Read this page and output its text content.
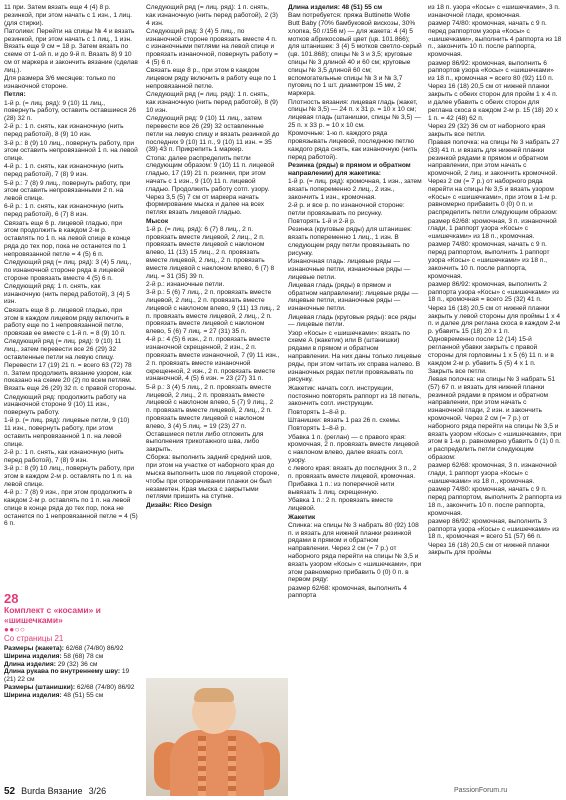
11 при. Затем вязать еще 4 (4) 8 р. резинкой, при этом начать с 1 изн., 1 лиц. (для стирки).

Патолики: Перейти на спицы № 4 и вязать резинкой, при этом начать с 1 лиц., 1 изн. Вязать еще 9 см = 18 р. Затем вязать по схеме от 1-ой п. и до 9-й п. Вязать 8) 9 10 см от маркера и закончить вязание (сделав лиц.).

Для размера 3/6 месяцев: только по изнаночной стороне.

Петля:

1-й р. (= лиц. ряд): 9 (10) 11 лиц., повернуть работу, оставить оставшиеся 26 (28) 32 п.

2-й р.: 1 п. снять, как изнаночную (нить перед работой), 8 (9) 10 изн.

3-й р.: 8 (9) 10 лиц., повернуть работу, при этом оставить непровязанной 1 п. на левой спице.

4-й р.: 1 п. снять, как изнаночную (нить перед работой), 7 (8) 9 изн.

5-й р.: 7 (8) 9 лиц., повернуть работу, при этом оставить непровязанными 2 п. на левой спице.

6-й р.: 1 п. снять, как изнаночную (нить перед работой), 6 (7) 8 изн.

Связать еще 6 р. лицевой гладью, при этом продолжить в каждом 2-м р. оставлять по 1 п. на левой спице в конце ряда до тех пор, пока не останется по 1 непровязанной петле = 4 (5) 6 п.

Следующий ряд (= лиц. ряд): 3 (4) 5 лиц., по изнаночной стороне ряда в лицевой стороне провязать вместе 4 (5) 6 п.

Следующий ряд: 1 п. снять, как изнаночную (нить перед работой), 3 (4) 5 изн.

Связать еще 8 р. лицевой гладью, при этом в каждом лицевом ряду включить в работу еще по 1 непровязанной петле, провязав ее вместе с 1-й п. = 8 (9) 10 п.

Следующий ряд (= лиц. ряд): 9 (10) 11 лиц., затем перевести все 26 (29) 32 оставленные петли на левую спицу. Перевести 17 (19) 21 п. = всего 63 (72) 78 п. Затем продолжить вязание узором, как показано на схеме 20 (2) по всем петлям. Вязать еще 26 (29) 32 п. с правой стороны.

Следующий ряд: продолжить работу на изнаночной стороне 9 (10) 11 изн., повернуть работу.

1-й р. (= лиц. ряд): лицевые петли, 9 (10) 11 изн., повернуть работу, при этом оставить непровязанной 1 п. на левой спице.

2-й р.: 1 п. снять, как изнаночную (нить перед работой), 7 (8) 9 изн.

3-й р.: 8 (9) 10 лиц., повернуть работу, при этом в каждом 2-м р. оставлять по 1 п. на левой спице.

4-й р.: 7 (8) 9 изн., при этом продолжить в каждом 2-м р. оставлять по 1 п. на левой спице в конце ряда до тех пор, пока не останется по 1 непровязанной петле = 4 (5) 6 п.

Следующий ряд (= лиц. ряд): 1 п. снять, как изнаночную (нить перед работой), 2 (3) 4 изн.

Следующий ряд: 3 (4) 5 лиц., по изнаночной стороне провязать вместе 4 п. с изнаночными петлями на левой спице и провязать изнаночной, повернуть работу = 4 (5) 6 п.

Связать еще 8 р., при этом в каждом лицевом ряду включить в работу еще по 1 непровязанной петле.

Следующий ряд (= лиц. ряд): 1 п. снять, как изнаночную (нить перед работой), 8 (9) 10 изн.

Следующий ряд: 9 (10) 11 лиц., затем перевести все 26 (29) 32 оставленные петли на левую спицу и вязать резинкой до последних 9 (10) 11 п., 9 (10) 11 изн. = 35 (39) 43 п. Прикрепить 1 маркер.

Стопа: далее распределить петли следующим образом: 9 (10) 11 п. лицевой гладью, 17 (19) 21 п. резинки, при этом начать с 1 изн., 9 (10) 11 п. лицевой гладью. Продолжить работу сотп. узору. Через 3,5 (5) 7 см от маркера начать формирование мыска и далее на всех петлях вязать лицевой гладью.

Мысок

1-й р. (= лиц. ряд): 6 (7) 8 лиц., 2 п. провязать вместе лицевой, 2 лиц., 2 п. провязать вместе лицевой с наклоном влево, 11 (13) 15 лиц., 2 п. провязать вместе лицевой, 2 лиц., 2 п. провязать вместе лицевой с наклоном влево, 6 (7) 8 лиц. = 31 (35) 39 п.

2-й р.: изнаночные петли.

3-й р.: 5 (6) 7 лиц., 2 п. провязать вместе лицевой, 2 лиц., 2 п. провязать вместе лицевой с наклоном влево, 9 (11) 13 лиц., 2 п. провязать вместе лицевой, 2 лиц., 2 п. провязать вместе лицевой с наклоном влево, 5 (6) 7 лиц. = 27 (31) 35 п.

4-й р.: 4 (5) 6 изн., 2 п. провязать вместе изнаночной скрещенной, 2 изн., 2 п. провязать вместе изнаночной, 7 (9) 11 изн., 2 п. провязать вместе изнаночной скрещенной, 2 изн., 2 п. провязать вместе изнаночной, 4 (5) 6 изн. = 23 (27) 31 п.

5-й р.: 3 (4) 5 лиц., 2 п. провязать вместе лицевой, 2 лиц., 2 п. провязать вместе лицевой с наклоном влево, 5 (7) 9 лиц., 2 п. провязать вместе лицевой, 2 лиц., 2 п. провязать вместе лицевой с наклоном влево, 3 (4) 5 лиц. = 19 (23) 27 п. Оставшиеся петли либо отложить для выполнения трикотажного шва, либо закрыть.

Сборка: выполнить задний средний шов, при этом на участке от наборного края до мыска выполнить шов по лицевой стороне, чтобы при отворачивании планки он был незаметен. Края мыска с закрытыми петлями пришить на ступне.

Дизайн: Rico Design

Длина изделия: 48 (51) 55 см

Вам потребуется: пряжа Buttinette Wolle Butt Baby (70% бамбуковой вискозы, 30% хлопка, 50 г/156 м) — для жакета: 4 (4) 5 мотков абрикосовый цвет (цв. 101.866); для штанишек: 3 (4) 5 мотков светло-серый (цв. 101.868); спицы № 3 и 3,5; круговые спицы № 3 длиной 40 и 60 см; круговые спицы № 3,5 длиной 60 см; вспомогательные спицы № 3 и № 3,7 пуговиц по 1 шт. диаметром 15 мм, 2 маркера.

Плотность вязания: лицевая гладь (жакет, спицы № 3,5) — 24 п. х 31 р. = 10 х 10 см; лицевая гладь (штанишки, спицы № 3,5) — 25 п. х 33 р. = 10 х 10 см.

Кромочные: 1-ю п. каждого ряда провязывать лицевой, последнюю петлю каждого ряда снять, как изнаночную (нить перед работой).

Резинка (ряды) в прямом и обратном направлении) для жакетика:

1-й р. (= лиц. ряд): кромочная, 1 изн., затем вязать попеременно 2 лиц., 2 изн., закончить 1 изн., кромочная.

2-й р. и все р. по изнаночной стороне: петли провязывать по рисунку.

Повторять 1-й и 2-й р.

Резинка (круговые ряды) для штанишек: вязать попеременно 1 лиц., 1 изн. В следующем ряду петли провязывать по рисунку.

Изнаночная гладь: лицевые ряды — изнаночные петли, изнаночные ряды — лицевые петли.

Лицевая гладь (ряды) в прямом и обратном направлении): лицевые ряды — лицевые петли, изнаночные ряды — изнаночные петли.

Лицевая гладь (круговые ряды): все ряды — лицевые петли.

Узор «Косы» с «шишечками»: вязать по схеме А (жакетик) или В (штанишки) рядами в прямом и обратном направлении. На них даны только лицевые ряды, при этом читать их справа налево. В изнаночных рядах петли провязывать по рисунку.

Жакетик: начать согл. инструкции, постоянно повторять раппорт из 18 петель, закончить согл. инструкции.

Повторять 1–8-й р.

Штанишки: вязать 1 раз 26 п. схемы.

Повторять 1–8-й р.

Убавка 1 п. (реглан) — с правого края: кромочная, 2 п. провязать вместе лицевой с наклоном влево, далее вязать согл. узору.

с левого края: вязать до последних 3 п., 2 п. провязать вместе лицевой, кромочная.

Прибавка 1 п.: из поперечной нити вывязать 1 лиц. скрещенную.

Убавка 1 п.: 2 п. провязать вместе лицевой.

Жакетик

Спинка: на спицы № 3 набрать 80 (92) 108 п. и вязать для нижней планки резинкой рядами в прямом и обратном направлении. Через 2 см (= 7 р.) от наборного ряда перейти на спицы № 3,5 и вязать узором «Косы» с «шишечками», при этом равномерно прибавить 0 (0) 0 п. в первом ряду:

размер 62/68: кромочная, выполнить 4 раппорта

из 18 п. узора «Косы» с «шишечками», 3 п. изнаночной глади, кромочная.

размер 74/80: кромочная, начать с 9 п. перед раппортом узора «Косы» с «шишечками», выполнить 4 раппорта из 18 п., закончить 10 п. после раппорта, кромочная.

размер 86/92: кромочная, выполнить 6 раппортов узора «Косы» с «шишечками» из 18 п., кромочная = всего 80 (92) 110 п.

Через 16 (18) 20,5 см от нижней планки закрыть с обеих сторон для пройм 1 х 4 п. и далее убавить с обеих сторон для реглана скоса в каждом 2-м р. 15 (18) 20 х 1 п. = 42 (48) 62 п.

Через 29 (32) 36 см от наборного края закрыть все петли.

Правая полочка: на спицы № 3 набрать 27 (33) 41 п. и вязать для нижней планки резинкой рядами в прямом и обратном направлении, при этом начать с кромочной, 2 лиц. и закончить кромочной. Через 2 см (= 7 р.) от наборного ряда перейти на спицы № 3,5 и вязать узором «Косы» с «шишечками», при этом в 1-м р. равномерно прибавить 0 (0) 0 п. и распределить петли следующим образом:

размер 62/68: кромочная, 3 п. изнаночной глади, 1 раппорт узора «Косы» с «шишечками» из 18 п., кромочная.

размер 74/80: кромочная, начать с 9 п. перед раппортом, выполнить 1 раппорт узора «Косы» с «шишечками» из 18 п., закончить 10 п. после раппорта, кромочная.

размер 86/92: кромочная, выполнить 2 раппорта узора «Косы» с «шишечками» из 18 п., кромочная = всего 25 (32) 41 п.

Через 16 (18) 20,5 см от нижней планки закрыть у левой стороны для проймы 1 х 4 п. и далее для реглана скоса в каждом 2-м р. убавить 15 (18) 20 х 1 п.

Одновременно после 12 (14) 15-й регланной убавки закрыть с правой стороны для горловины 1 х 5 (6) 11 п. и в каждом 2-м р. убавить 5 (5) 4 х 1 п. Закрыть все петли.

Левая полочка: на спицы № 3 набрать 51 (57) 67 п. и вязать для нижней планки резинкой рядами в прямом и обратном направлении, при этом начать с изнаночной глади, 2 изн. и закончить кромочной. Через 2 см (= 7 р.) от наборного ряда перейти на спицы № 3,5 и вязать узором «Косы» с «шишечками», при этом в 1-м р. равномерно убавить 0 (1) 0 п. и распределить петли следующим образом:

размер 62/68: кромочная, 3 п. изнаночной глади, 1 раппорт узора «Косы» с «шишечками» из 18 п., кромочная.

размер 74/80: кромочная, начать с 9 п. перед раппортом, выполнить 2 раппорта из 18 п., закончить 10 п. после раппорта, кромочная.

размер 86/92: кромочная, выполнить 3 раппорта узора «Косы» с «шишечками» из 18 п., кромочная = всего 51 (57) 66 п.

Через 16 (18) 20,5 см от нижней планки закрыть для проймы

28
Комплект с «косами» и «шишечками»
●●○○
Со страницы 21

Размеры (жакета): 62/68 (74/80) 86/92

Ширина изделия: 58 (68) 78 см

Длина изделия: 29 (32) 36 см

Длина рукава по внутреннему шву: 19 (21) 22 см

Размеры (штанишки): 62/68 (74/80) 86/92

Ширина изделия: 48 (51) 55 см

52 Burda Вязание 3/26	PassionForum.ru
